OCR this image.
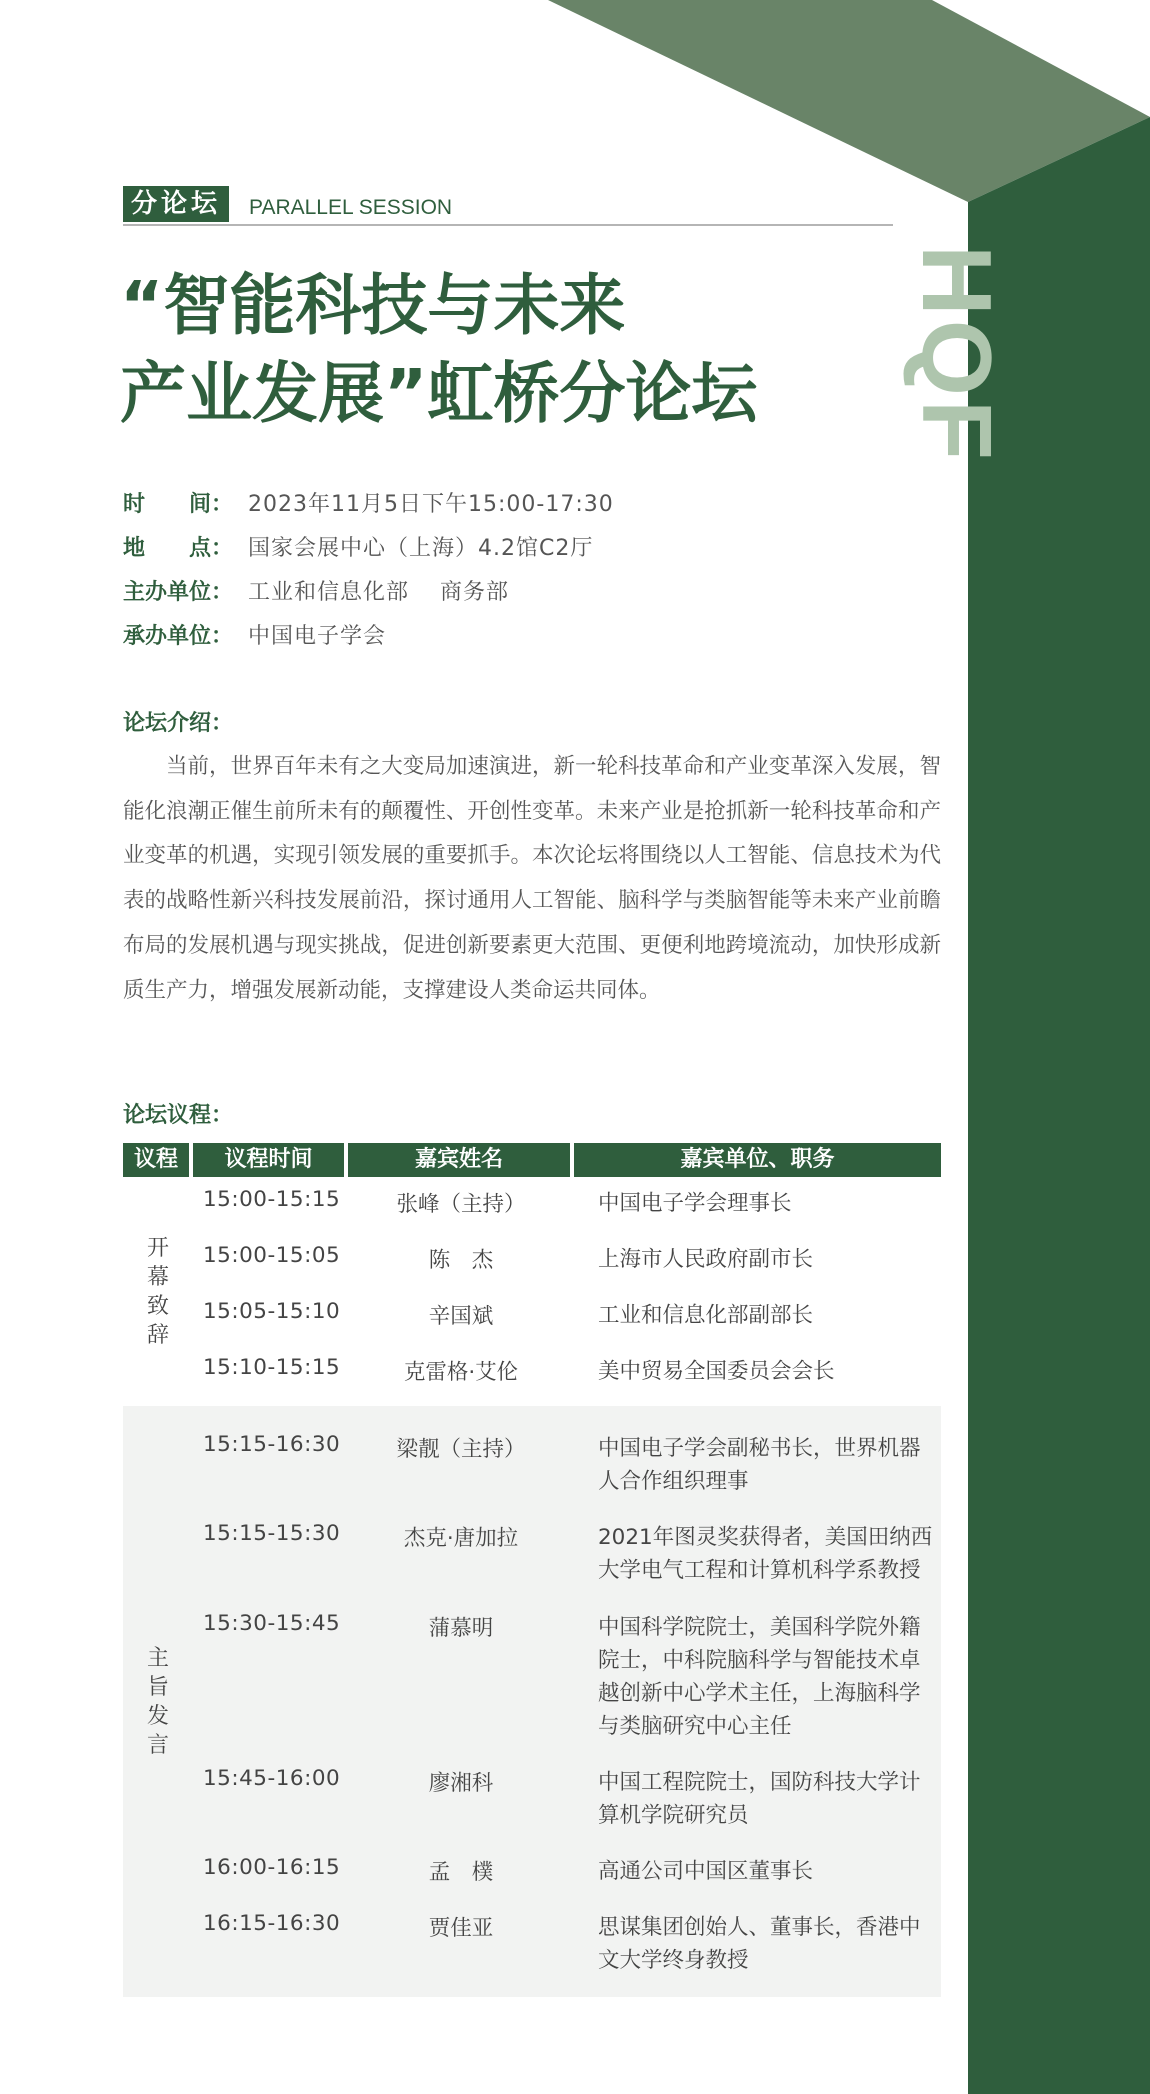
HQF
分论坛	PARALLEL SESSION
“智能科技与未来
产业发展”虹桥分论坛
时　　间： 2023年11月5日下午15:00-17:30
地　　点： 国家会展中心（上海）4.2馆C2厅
主办单位： 工业和信息化部　 商务部
承办单位： 中国电子学会
论坛介绍：

当前，世界百年未有之大变局加速演进，新一轮科技革命和产业变革深入发展，智能化浪潮正催生前所未有的颠覆性、开创性变革。未来产业是抢抓新一轮科技革命和产业变革的机遇，实现引领发展的重要抓手。本次论坛将围绕以人工智能、信息技术为代表的战略性新兴科技发展前沿，探讨通用人工智能、脑科学与类脑智能等未来产业前瞻布局的发展机遇与现实挑战，促进创新要素更大范围、更便利地跨境流动，加快形成新质生产力，增强发展新动能，支撑建设人类命运共同体。

论坛议程：
议程	议程时间	嘉宾姓名	嘉宾单位、职务
开幕致辞
15:00-15:15	张峰（主持）	中国电子学会理事长
15:00-15:05	陈　杰	上海市人民政府副市长
15:05-15:10	辛国斌	工业和信息化部副部长
15:10-15:15	克雷格·艾伦	美中贸易全国委员会会长
主旨发言
15:15-16:30	梁靓（主持）	中国电子学会副秘书长，世界机器人合作组织理事
15:15-15:30	杰克·唐加拉	2021年图灵奖获得者，美国田纳西大学电气工程和计算机科学系教授
15:30-15:45	蒲慕明	中国科学院院士，美国科学院外籍院士，中科院脑科学与智能技术卓越创新中心学术主任，上海脑科学与类脑研究中心主任
15:45-16:00	廖湘科	中国工程院院士，国防科技大学计算机学院研究员
16:00-16:15	孟　樸	高通公司中国区董事长
16:15-16:30	贾佳亚	思谋集团创始人、董事长，香港中文大学终身教授
